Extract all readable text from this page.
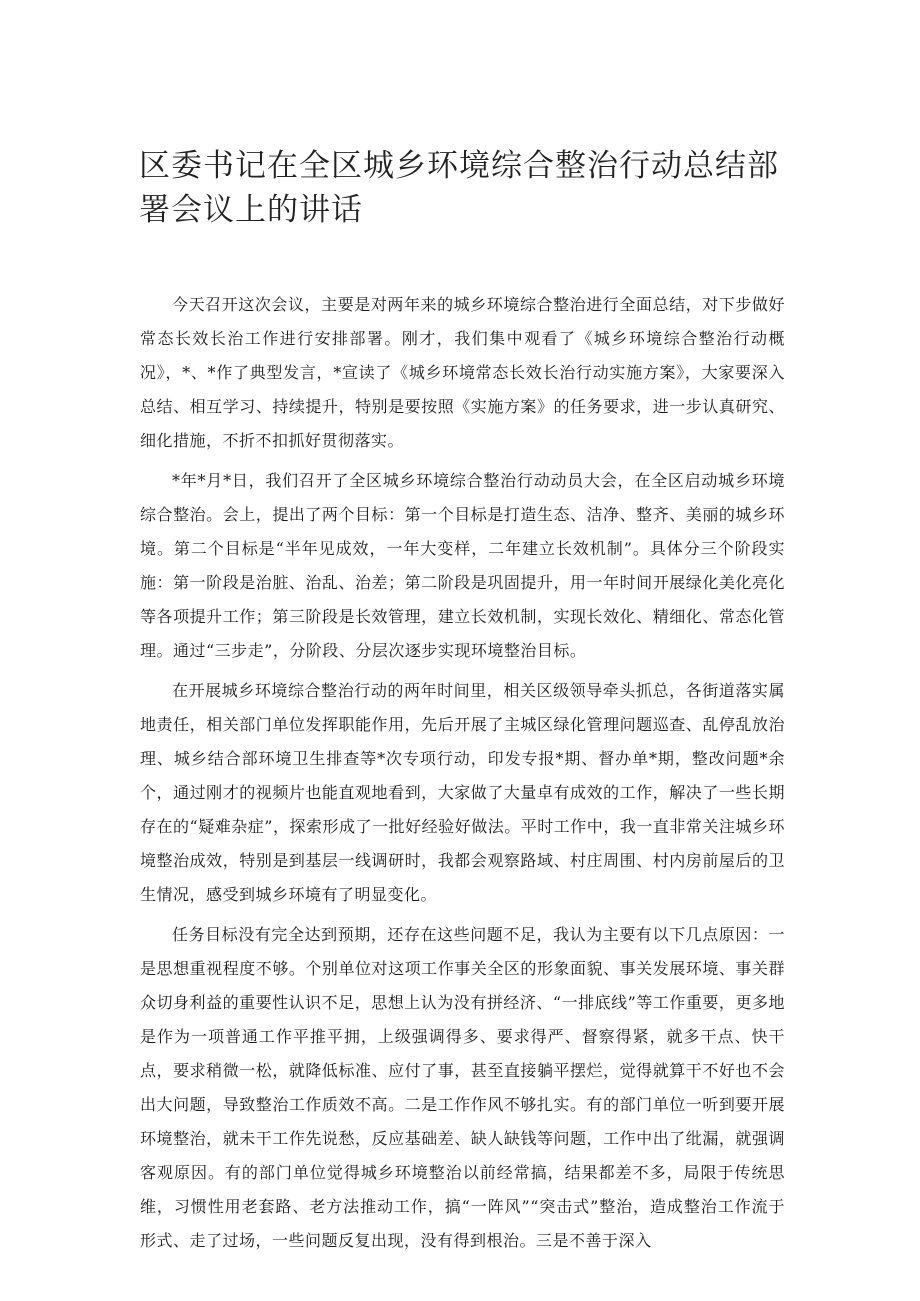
区委书记在全区城乡环境综合整治行动总结部署会议上的讲话

今天召开这次会议，主要是对两年来的城乡环境综合整治进行全面总结，对下步做好常态长效长治工作进行安排部署。刚才，我们集中观看了《城乡环境综合整治行动概况》，*、*作了典型发言，*宣读了《城乡环境常态长效长治行动实施方案》，大家要深入总结、相互学习、持续提升，特别是要按照《实施方案》的任务要求，进一步认真研究、细化措施，不折不扣抓好贯彻落实。

*年*月*日，我们召开了全区城乡环境综合整治行动动员大会，在全区启动城乡环境综合整治。会上，提出了两个目标：第一个目标是打造生态、洁净、整齐、美丽的城乡环境。第二个目标是“半年见成效，一年大变样，二年建立长效机制”。具体分三个阶段实施：第一阶段是治脏、治乱、治差；第二阶段是巩固提升，用一年时间开展绿化美化亮化等各项提升工作；第三阶段是长效管理，建立长效机制，实现长效化、精细化、常态化管理。通过“三步走”，分阶段、分层次逐步实现环境整治目标。

在开展城乡环境综合整治行动的两年时间里，相关区级领导牵头抓总，各街道落实属地责任，相关部门单位发挥职能作用，先后开展了主城区绿化管理问题巡查、乱停乱放治理、城乡结合部环境卫生排查等*次专项行动，印发专报*期、督办单*期，整改问题*余个，通过刚才的视频片也能直观地看到，大家做了大量卓有成效的工作，解决了一些长期存在的“疑难杂症”，探索形成了一批好经验好做法。平时工作中，我一直非常关注城乡环境整治成效，特别是到基层一线调研时，我都会观察路域、村庄周围、村内房前屋后的卫生情况，感受到城乡环境有了明显变化。

任务目标没有完全达到预期，还存在这些问题不足，我认为主要有以下几点原因：一是思想重视程度不够。个别单位对这项工作事关全区的形象面貌、事关发展环境、事关群众切身利益的重要性认识不足，思想上认为没有拼经济、“一排底线”等工作重要，更多地是作为一项普通工作平推平拥，上级强调得多、要求得严、督察得紧，就多干点、快干点，要求稍微一松，就降低标准、应付了事，甚至直接躺平摆烂，觉得就算干不好也不会出大问题，导致整治工作质效不高。二是工作作风不够扎实。有的部门单位一听到要开展环境整治，就未干工作先说愁，反应基础差、缺人缺钱等问题，工作中出了纰漏，就强调客观原因。有的部门单位觉得城乡环境整治以前经常搞，结果都差不多，局限于传统思维，习惯性用老套路、老方法推动工作，搞“一阵风”“突击式”整治，造成整治工作流于形式、走了过场，一些问题反复出现，没有得到根治。三是不善于深入
